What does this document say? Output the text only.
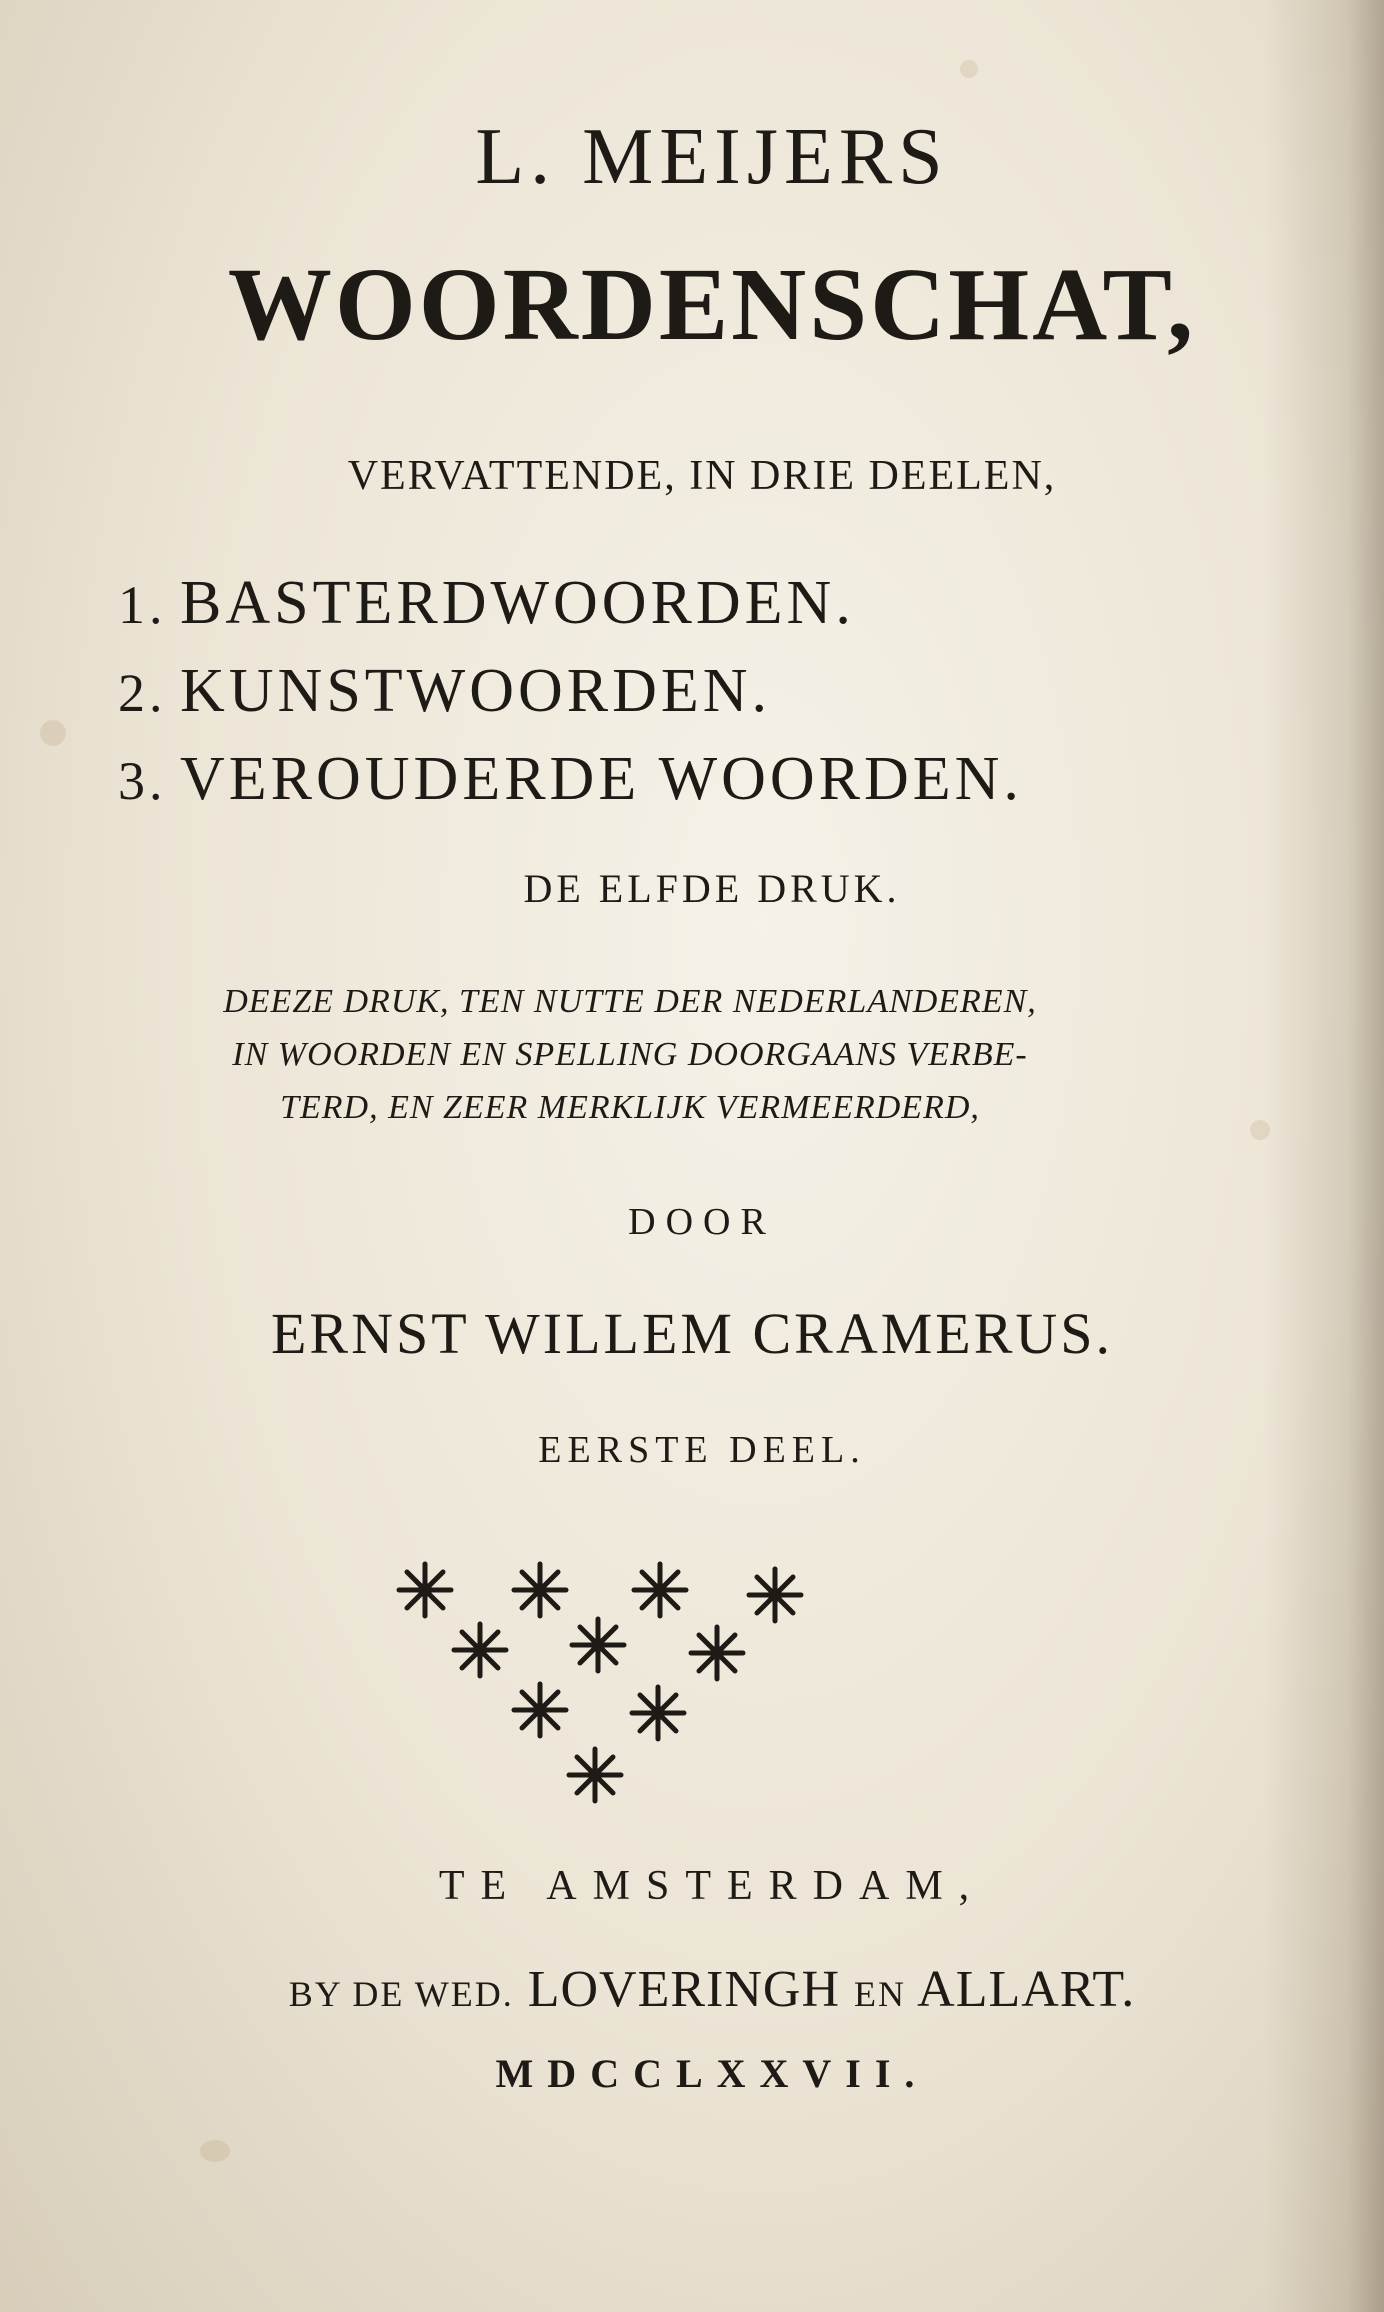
L. MEIJERS

WOORDENSCHAT,

VERVATTENDE, IN DRIE DEELEN,

1. BASTERDWOORDEN.
2. KUNSTWOORDEN.
3. VEROUDERDE WOORDEN.

DE ELFDE DRUK.

DEEZE DRUK, TEN NUTTE DER NEDERLANDEREN,
IN WOORDEN EN SPELLING DOORGAANS VERBE-
TERD, EN ZEER MERKLIJK VERMEERDERD,

DOOR

ERNST WILLEM CRAMERUS.

EERSTE DEEL.

TE AMSTERDAM,

BY DE WED. LOVERINGH EN ALLART.

MDCCLXXVII.
